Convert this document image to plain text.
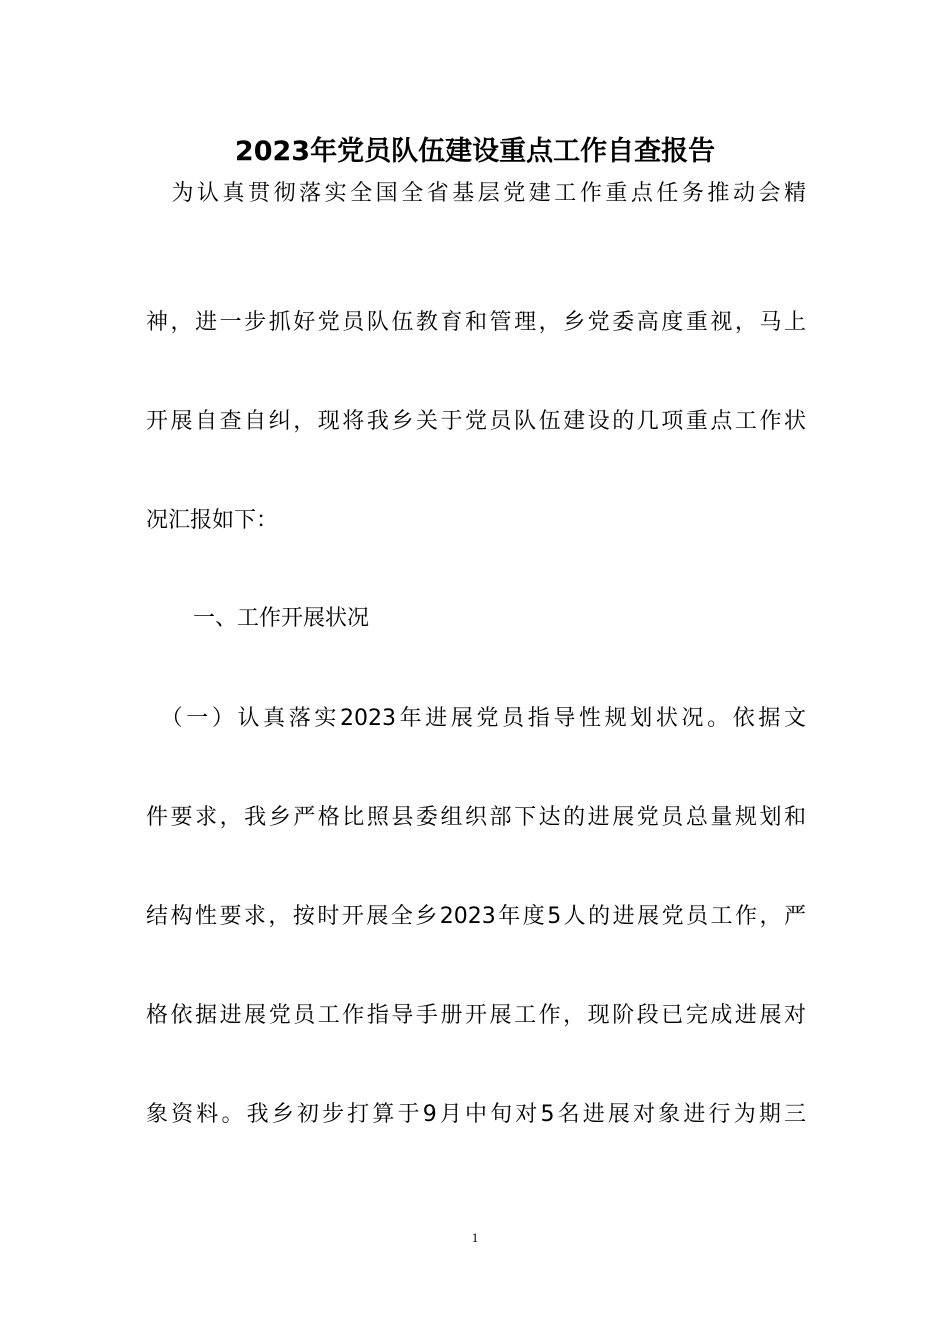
2023年党员队伍建设重点工作自查报告
　为认真贯彻落实全国全省基层党建工作重点任务推动会精
神，进一步抓好党员队伍教育和管理，乡党委高度重视，马上
开展自查自纠，现将我乡关于党员队伍建设的几项重点工作状
况汇报如下：
一、工作开展状况
　（一）认真落实2023年进展党员指导性规划状况。依据文
件要求，我乡严格比照县委组织部下达的进展党员总量规划和
结构性要求，按时开展全乡2023年度5人的进展党员工作，严
格依据进展党员工作指导手册开展工作，现阶段已完成进展对
象资料。我乡初步打算于9月中旬对5名进展对象进行为期三
1
